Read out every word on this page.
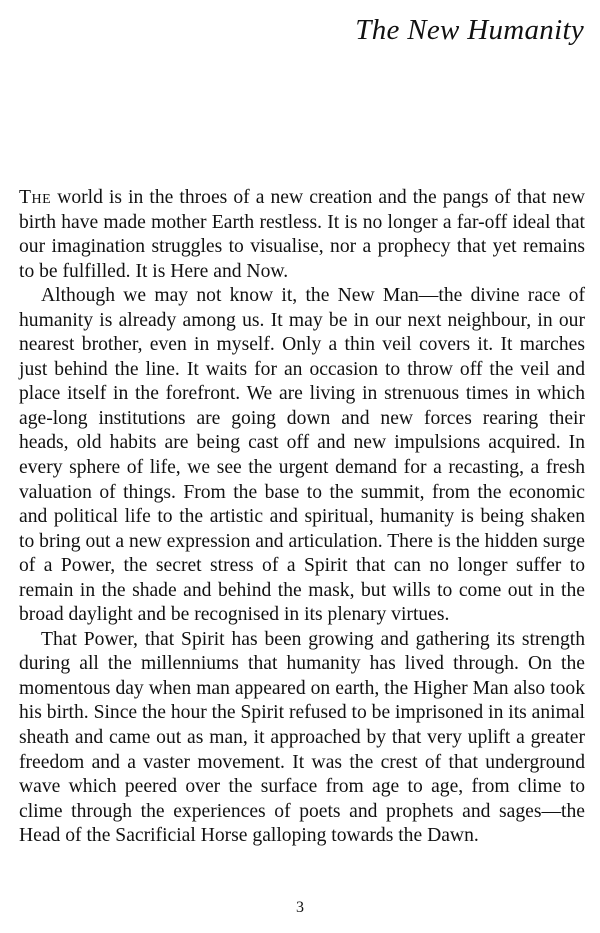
The New Humanity

The world is in the throes of a new creation and the pangs of that new birth have made mother Earth restless. It is no longer a far-off ideal that our imagination struggles to visualise, nor a prophecy that yet remains to be fulfilled. It is Here and Now.

Although we may not know it, the New Man—the divine race of humanity is already among us. It may be in our next neighbour, in our nearest brother, even in myself. Only a thin veil covers it. It marches just behind the line. It waits for an occasion to throw off the veil and place itself in the forefront. We are living in strenuous times in which age-long institutions are going down and new forces rearing their heads, old habits are being cast off and new impulsions acquired. In every sphere of life, we see the urgent demand for a recasting, a fresh valuation of things. From the base to the summit, from the economic and political life to the artistic and spiritual, humanity is being shaken to bring out a new expression and articulation. There is the hidden surge of a Power, the secret stress of a Spirit that can no longer suffer to remain in the shade and behind the mask, but wills to come out in the broad daylight and be recognised in its plenary virtues.

That Power, that Spirit has been growing and gathering its strength during all the millenniums that humanity has lived through. On the momentous day when man appeared on earth, the Higher Man also took his birth. Since the hour the Spirit refused to be imprisoned in its animal sheath and came out as man, it approached by that very uplift a greater freedom and a vaster movement. It was the crest of that underground wave which peered over the surface from age to age, from clime to clime through the experiences of poets and prophets and sages—the Head of the Sacrificial Horse galloping towards the Dawn.

3
